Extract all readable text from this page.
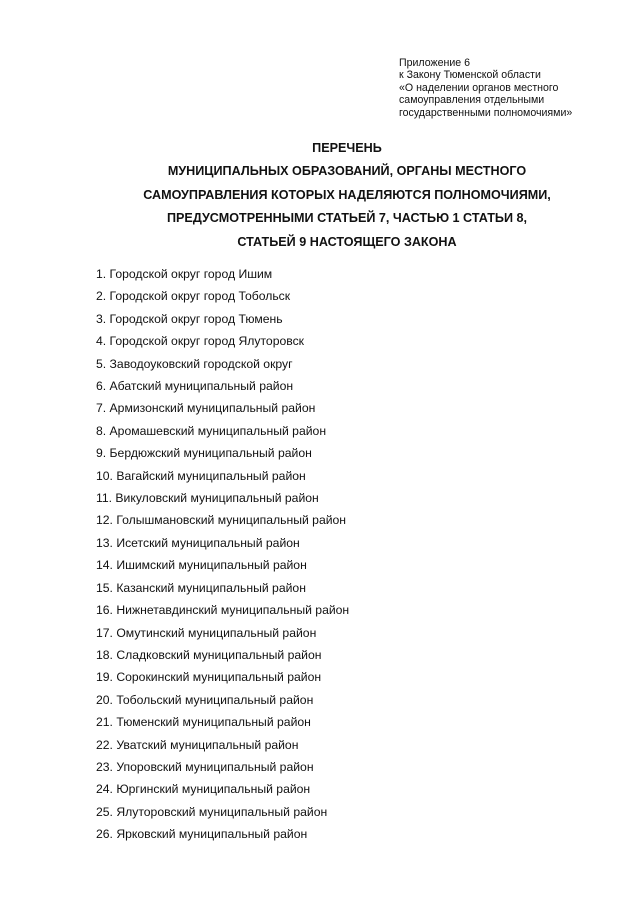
Приложение 6
к Закону Тюменской области
«О наделении органов местного
самоуправления отдельными
государственными полномочиями»
ПЕРЕЧЕНЬ
МУНИЦИПАЛЬНЫХ ОБРАЗОВАНИЙ, ОРГАНЫ МЕСТНОГО
САМОУПРАВЛЕНИЯ КОТОРЫХ НАДЕЛЯЮТСЯ ПОЛНОМОЧИЯМИ,
ПРЕДУСМОТРЕННЫМИ СТАТЬЕЙ 7, ЧАСТЬЮ 1 СТАТЬИ 8,
СТАТЬЕЙ 9 НАСТОЯЩЕГО ЗАКОНА
1. Городской округ город Ишим
2. Городской округ город Тобольск
3. Городской округ город Тюмень
4. Городской округ город Ялуторовск
5. Заводоуковский городской округ
6. Абатский муниципальный район
7. Армизонский муниципальный район
8. Аромашевский муниципальный район
9. Бердюжский муниципальный район
10. Вагайский муниципальный район
11. Викуловский муниципальный район
12. Голышмановский муниципальный район
13. Исетский муниципальный район
14. Ишимский муниципальный район
15. Казанский муниципальный район
16. Нижнетавдинский муниципальный район
17. Омутинский муниципальный район
18. Сладковский муниципальный район
19. Сорокинский муниципальный район
20. Тобольский муниципальный район
21. Тюменский муниципальный район
22. Уватский муниципальный район
23. Упоровский муниципальный район
24. Юргинский муниципальный район
25. Ялуторовский муниципальный район
26. Ярковский муниципальный район
